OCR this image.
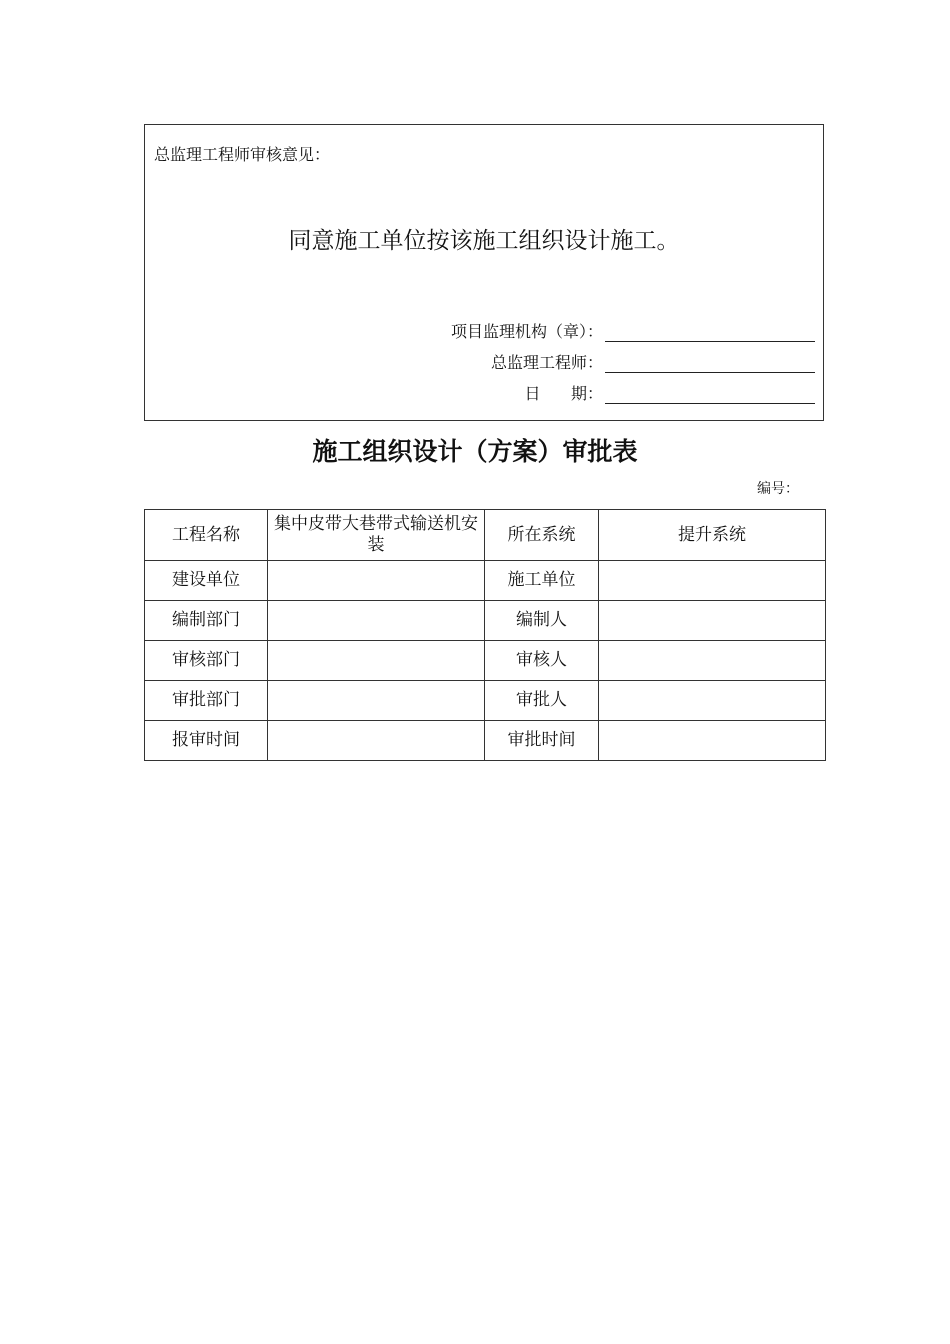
总监理工程师审核意见：
同意施工单位按该施工组织设计施工。
项目监理机构（章）：
总监理工程师：
日      期：
施工组织设计（方案）审批表
编号：
工程名称	集中皮带大巷带式输送机安装	所在系统	提升系统
建设单位		施工单位	
编制部门		编制人	
审核部门		审核人	
审批部门		审批人	
报审时间		审批时间	
